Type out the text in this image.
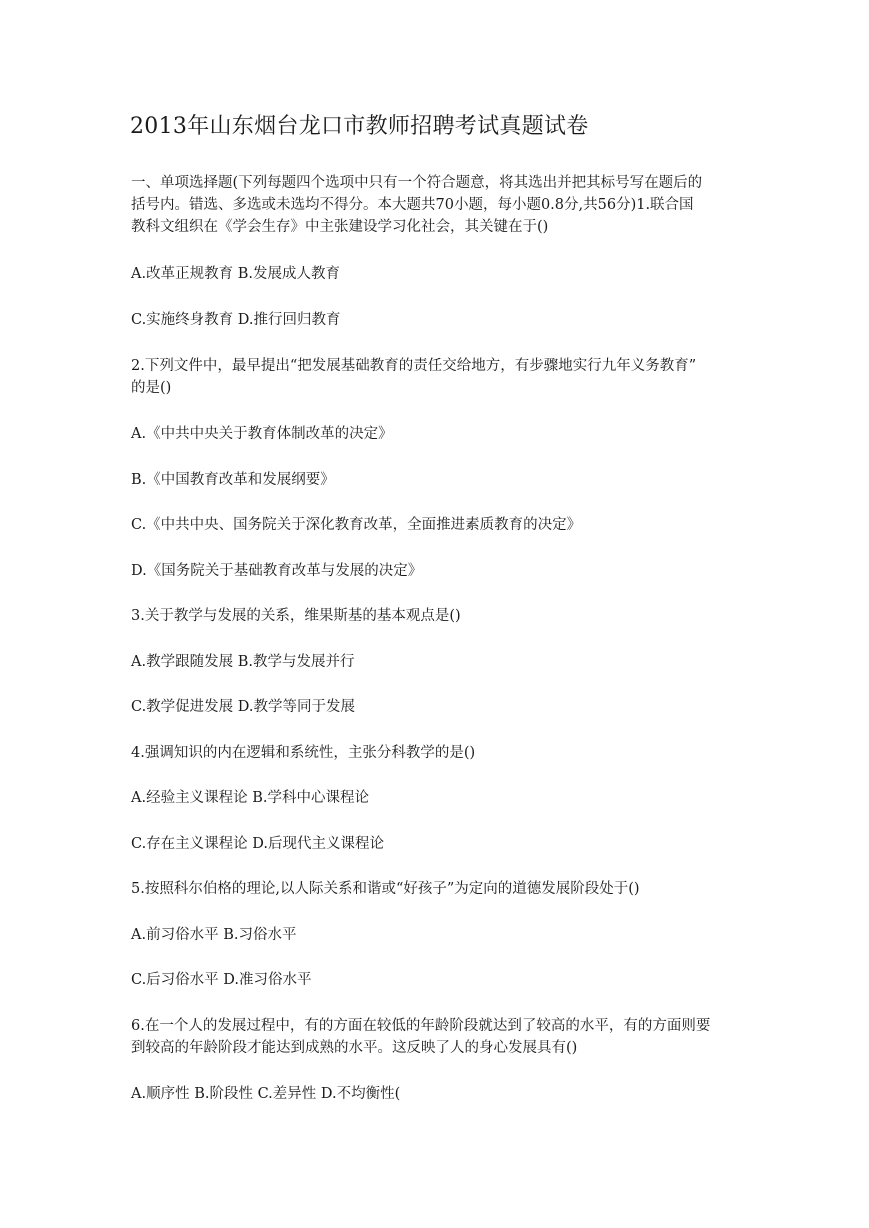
2013年山东烟台龙口市教师招聘考试真题试卷
一、单项选择题(下列每题四个选项中只有一个符合题意，将其选出并把其标号写在题后的
括号内。错选、多选或未选均不得分。本大题共70小题，每小题0.8分,共56分)1.联合国
教科文组织在《学会生存》中主张建设学习化社会，其关键在于()
A.改革正规教育 B.发展成人教育
C.实施终身教育 D.推行回归教育
2.下列文件中，最早提出“把发展基础教育的责任交给地方，有步骤地实行九年义务教育”
的是()
A.《中共中央关于教育体制改革的决定》
B.《中国教育改革和发展纲要》
C.《中共中央、国务院关于深化教育改革，全面推进素质教育的决定》
D.《国务院关于基础教育改革与发展的决定》
3.关于教学与发展的关系，维果斯基的基本观点是()
A.教学跟随发展 B.教学与发展并行
C.教学促进发展 D.教学等同于发展
4.强调知识的内在逻辑和系统性，主张分科教学的是()
A.经验主义课程论 B.学科中心课程论
C.存在主义课程论 D.后现代主义课程论
5.按照科尔伯格的理论,以人际关系和谐或“好孩子”为定向的道德发展阶段处于()
A.前习俗水平 B.习俗水平
C.后习俗水平 D.准习俗水平
6.在一个人的发展过程中，有的方面在较低的年龄阶段就达到了较高的水平，有的方面则要
到较高的年龄阶段才能达到成熟的水平。这反映了人的身心发展具有()
A.顺序性 B.阶段性 C.差异性 D.不均衡性(
